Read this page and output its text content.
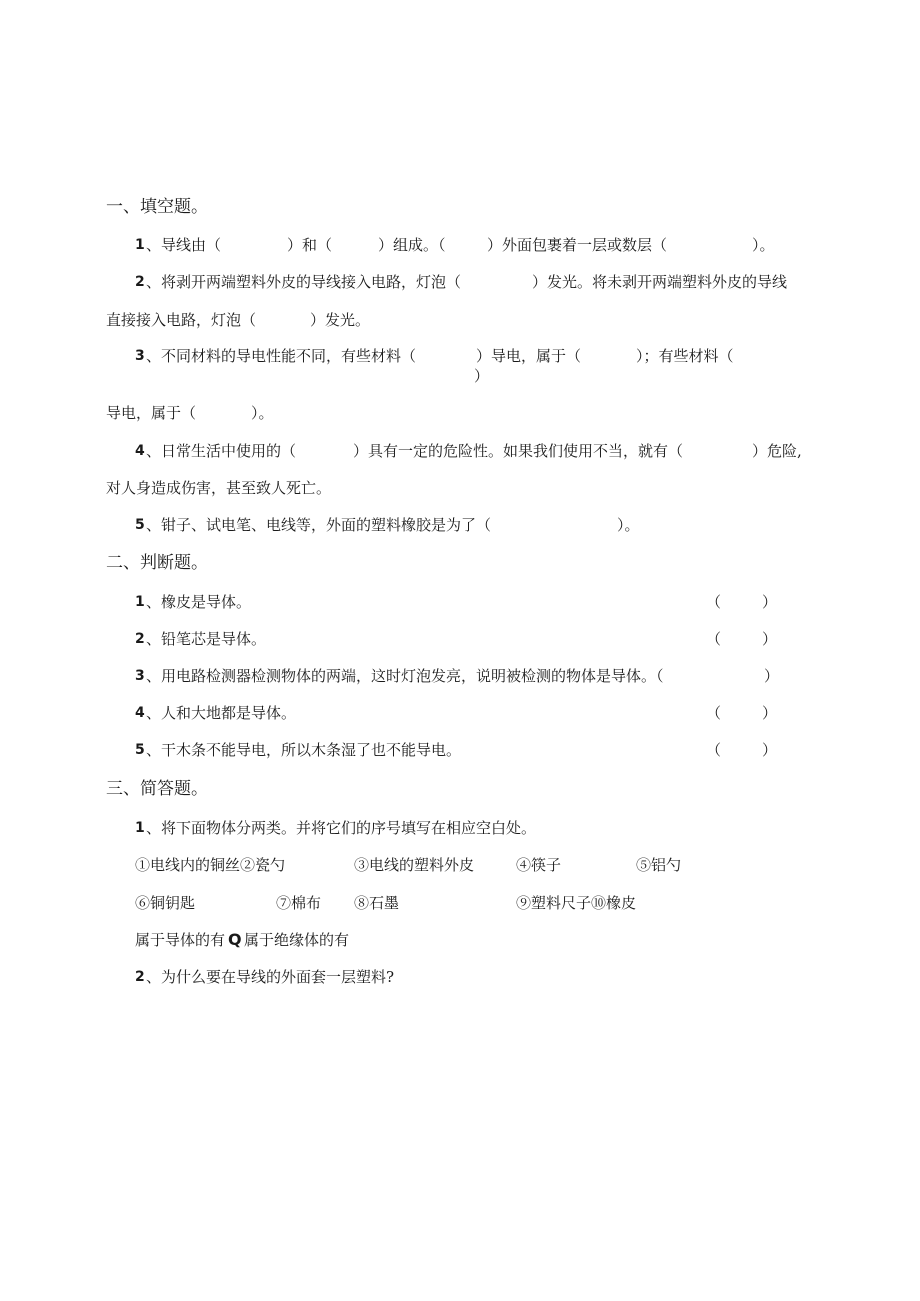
一、填空题。
1 、导线由（	）和（	）组成。（	）外面包裹着一层或数层（	）。
2 、将剥开两端塑料外皮的导线接入电路，灯泡（	）发光。将未剥开两端塑料外皮的导线
直接接入电路，灯泡（	）发光。
3 、不同材料的导电性能不同，有些材料（	）导电，属于（	）；有些材料（
）
导电，属于（	）。
4 、日常生活中使用的（	）具有一定的危险性。如果我们使用不当，就有（	）危险,
对人身造成伤害，甚至致人死亡。
5 、钳子、试电笔、电线等，外面的塑料橡胶是为了（	）。
二、判断题。
1 、橡皮是导体。	（	）
2 、铅笔芯是导体。	（	）
3 、用电路检测器检测物体的两端，这时灯泡发亮，说明被检测的物体是导体。（	）
4 、人和大地都是导体。	（	）
5 、干木条不能导电，所以木条湿了也不能导电。	（	）
三、简答题。
1 、将下面物体分两类。并将它们的序号填写在相应空白处。
①电线内的铜丝②瓷勺	③电线的塑料外皮	④筷子	⑤铝勺
⑥铜钥匙	⑦棉布 ⑧石墨	⑨塑料尺子⑩橡皮
属于导体的有 Q 属于绝缘体的有
2 、为什么要在导线的外面套一层塑料?
